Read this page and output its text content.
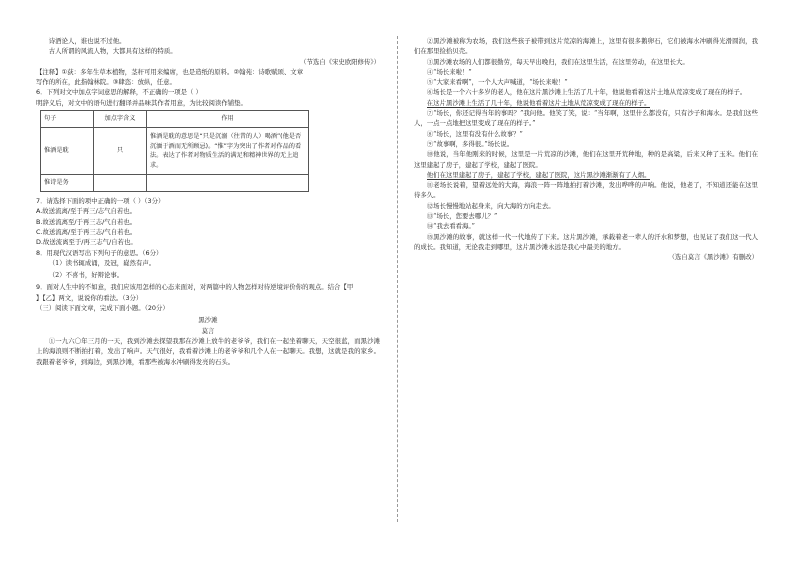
诗酒论人，谁也说不过他。

古人所谓的风流人物，大都具有这样的特质。

（节选自《宋史欧阳修传》）

【注释】①荻：多年生草本植物，茎秆可用来编席，也是造纸的原料。②翰苑：诗歌赋颂、文章

写作的所在，此指翰林院。③肆恣：放纵，任意。

6．下列对文中加点字词意思的解释，不正确的一项是（ ）

明辞义后，对文中的语句进行翻译并品味其作者用意，为比较阅读作铺垫。

句子	加点字含义	作用
惟酒是耽	只	惟酒是耽的意思是“只是沉溺（往昔的人）喝酒”(他是否沉湎于酒而无所顾忌)。“惟”字为突出了作者对作品的看法。表达了作者对物质生活的满足和精神世界的无上追求。
惟诗是务		

7．请选择下面的项中正确的一项（ ）（3分）

A.故送流离/至于再三/志气自若也。

B.故送流离至/于再三志/气自若也。

C.故送流离/至于再三志/气自若也。

D.故送流离至于/再三志气/自若也。

8．用现代汉语写出下列句子的意思。（6分）

（1）读书辄成诵，及冠，嶷然有声。

（2）不喜书，好辩论事。

9．面对人生中的不如意，我们应该用怎样的心态来面对，对两篇中的人物怎样对待逆境评价你的观点。结合【甲

】【乙】两文，说说你的看法。（3分）

（三）阅读下面文章，完成下面小题。（20分）

黑沙滩

莫言

①一九六〇年三月的一天，我到沙滩去探望我那在沙滩上放牛的老爷爷，我们在一起坐着聊天，天空很蓝，而黑沙滩上的海浪则不断拍打着，发出了响声。天气很好，我看着沙滩上的老爷爷和几个人在一起聊天。我想，这就是我的家乡。我跟着老爷爷，到海边，到黑沙滩，看那些被海水冲刷得发亮的石头。

②黑沙滩被称为农场，我们这些孩子被带到这片荒凉的海滩上，这里有很多鹅卵石，它们被海水冲刷得光滑圆润，我们在那里捡拾贝壳。

③黑沙滩农场的人们都很勤劳，每天早出晚归，我们在这里生活，在这里劳动，在这里长大。

④“场长来啦！”

⑤“大家来看啊”，一个人大声喊道，“场长来啦！”

⑥场长是一个六十多岁的老人，他在这片黑沙滩上生活了几十年，他说他看着这片土地从荒凉变成了现在的样子。

在这片黑沙滩上生活了几十年，他说他看着这片土地从荒凉变成了现在的样子。

⑦“场长，你还记得当年的事吗？”我问他。他笑了笑，说：“当年啊，这里什么都没有，只有沙子和海水。是我们这些人，一点一点地把这里变成了现在的样子。”

⑧“场长，这里有没有什么故事？”

⑨“故事啊，多得很。”场长说。

⑩他说，当年他刚来的时候，这里是一片荒凉的沙滩，他们在这里开荒种地，种的是高粱，后来又种了玉米。他们在这里建起了房子，建起了学校，建起了医院。

他们在这里建起了房子，建起了学校，建起了医院，这片黑沙滩渐渐有了人烟。

⑪老场长说着，望着远处的大海，海浪一阵一阵地拍打着沙滩，发出哗哗的声响。他说，他老了，不知道还能在这里待多久。

⑫场长慢慢地站起身来，向大海的方向走去。

⑬“场长，您要去哪儿？”

⑭“我去看看海。”

⑮黑沙滩的故事，就这样一代一代地传了下来。这片黑沙滩，承载着老一辈人的汗水和梦想，也见证了我们这一代人的成长。我知道，无论我走到哪里，这片黑沙滩永远是我心中最美的地方。

（选自莫言《黑沙滩》有删改）
